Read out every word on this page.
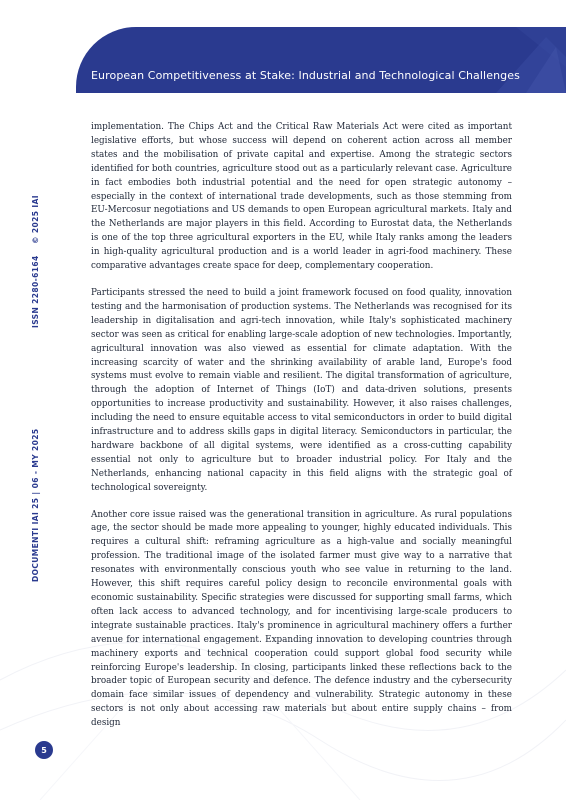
European Competitiveness at Stake: Industrial and Technological Challenges
© 2025 IAI
ISSN 2280-6164
DOCUMENTI IAI 25 | 06 - MY 2025
5

implementation. The Chips Act and the Critical Raw Materials Act were cited as important legislative efforts, but whose success will depend on coherent action across all member states and the mobilisation of private capital and expertise. Among the strategic sectors identified for both countries, agriculture stood out as a particularly relevant case. Agriculture in fact embodies both industrial potential and the need for open strategic autonomy – especially in the context of international trade developments, such as those stemming from EU-Mercosur negotiations and US demands to open European agricultural markets. Italy and the Netherlands are major players in this field. According to Eurostat data, the Netherlands is one of the top three agricultural exporters in the EU, while Italy ranks among the leaders in high-quality agricultural production and is a world leader in agri-food machinery. These comparative advantages create space for deep, complementary cooperation.

Participants stressed the need to build a joint framework focused on food quality, innovation testing and the harmonisation of production systems. The Netherlands was recognised for its leadership in digitalisation and agri-tech innovation, while Italy's sophisticated machinery sector was seen as critical for enabling large-scale adoption of new technologies. Importantly, agricultural innovation was also viewed as essential for climate adaptation. With the increasing scarcity of water and the shrinking availability of arable land, Europe's food systems must evolve to remain viable and resilient. The digital transformation of agriculture, through the adoption of Internet of Things (IoT) and data-driven solutions, presents opportunities to increase productivity and sustainability. However, it also raises challenges, including the need to ensure equitable access to vital semiconductors in order to build digital infrastructure and to address skills gaps in digital literacy. Semiconductors in particular, the hardware backbone of all digital systems, were identified as a cross-cutting capability essential not only to agriculture but to broader industrial policy. For Italy and the Netherlands, enhancing national capacity in this field aligns with the strategic goal of technological sovereignty.

Another core issue raised was the generational transition in agriculture. As rural populations age, the sector should be made more appealing to younger, highly educated individuals. This requires a cultural shift: reframing agriculture as a high-value and socially meaningful profession. The traditional image of the isolated farmer must give way to a narrative that resonates with environmentally conscious youth who see value in returning to the land. However, this shift requires careful policy design to reconcile environmental goals with economic sustainability. Specific strategies were discussed for supporting small farms, which often lack access to advanced technology, and for incentivising large-scale producers to integrate sustainable practices. Italy's prominence in agricultural machinery offers a further avenue for international engagement. Expanding innovation to developing countries through machinery exports and technical cooperation could support global food security while reinforcing Europe's leadership. In closing, participants linked these reflections back to the broader topic of European security and defence. The defence industry and the cybersecurity domain face similar issues of dependency and vulnerability. Strategic autonomy in these sectors is not only about accessing raw materials but about entire supply chains – from design
